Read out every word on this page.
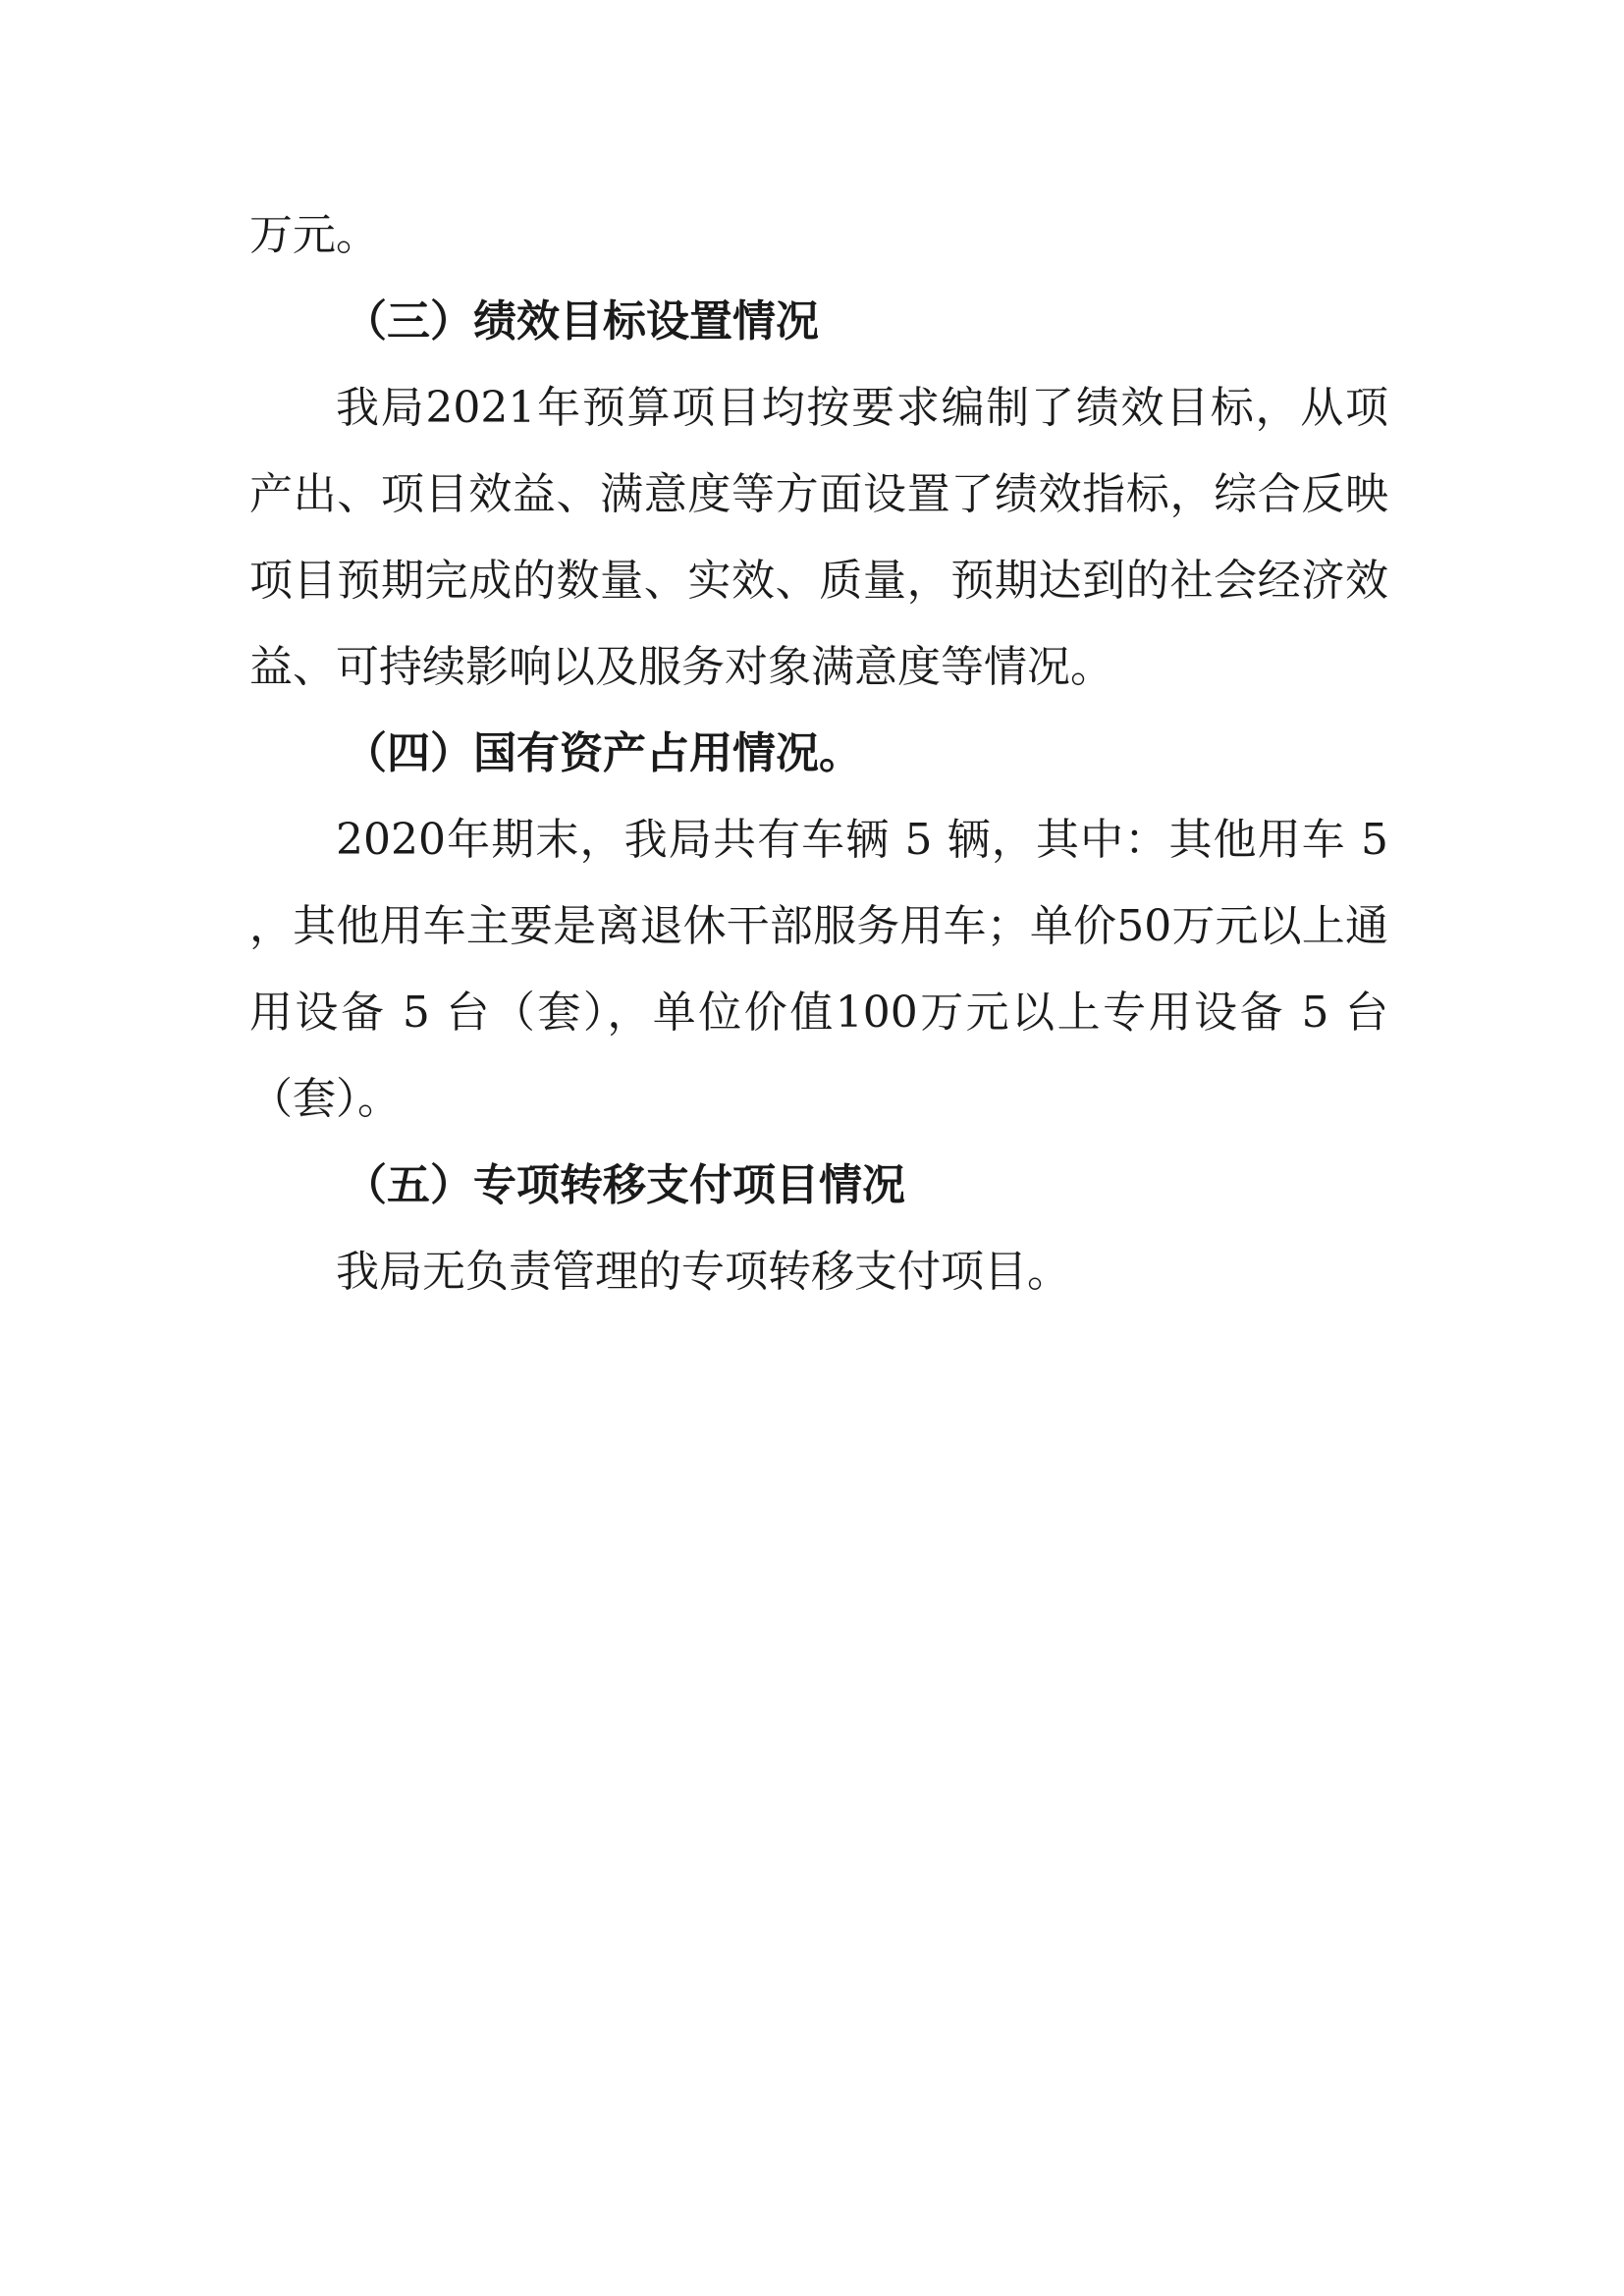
万元。
（三）绩效目标设置情况
我局2021年预算项目均按要求编制了绩效目标，从项
产出、项目效益、满意度等方面设置了绩效指标，综合反映
项目预期完成的数量、实效、质量，预期达到的社会经济效
益、可持续影响以及服务对象满意度等情况。
（四）国有资产占用情况。
2020年期末，我局共有车辆 5 辆，其中：其他用车 5
，其他用车主要是离退休干部服务用车；单价50万元以上通
用设备 5 台（套），单位价值100万元以上专用设备 5 台
（套）。
（五）专项转移支付项目情况
我局无负责管理的专项转移支付项目。
